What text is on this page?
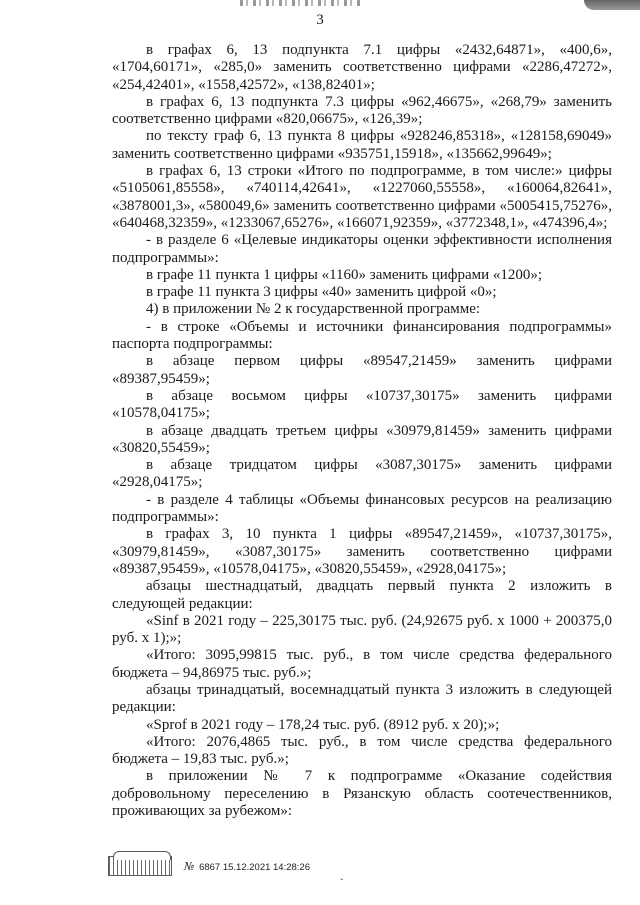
3

в графах 6, 13 подпункта 7.1 цифры «2432,64871», «400,6», «1704,60171», «285,0» заменить соответственно цифрами «2286,47272», «254,42401», «1558,42572», «138,82401»;

в графах 6, 13 подпункта 7.3 цифры «962,46675», «268,79» заменить соответственно цифрами «820,06675», «126,39»;

по тексту граф 6, 13 пункта 8 цифры «928246,85318», «128158,69049» заменить соответственно цифрами «935751,15918», «135662,99649»;

в графах 6, 13 строки «Итого по подпрограмме, в том числе:» цифры «5105061,85558», «740114,42641», «1227060,55558», «160064,82641», «3878001,3», «580049,6» заменить соответственно цифрами «5005415,75276», «640468,32359», «1233067,65276», «166071,92359», «3772348,1», «474396,4»;

- в разделе 6 «Целевые индикаторы оценки эффективности исполнения подпрограммы»:

в графе 11 пункта 1 цифры «1160» заменить цифрами «1200»;

в графе 11 пункта 3 цифры «40» заменить цифрой «0»;

4) в приложении № 2 к государственной программе:

- в строке «Объемы и источники финансирования подпрограммы» паспорта подпрограммы:

в абзаце первом цифры «89547,21459» заменить цифрами «89387,95459»;

в абзаце восьмом цифры «10737,30175» заменить цифрами «10578,04175»;

в абзаце двадцать третьем цифры «30979,81459» заменить цифрами «30820,55459»;

в абзаце тридцатом цифры «3087,30175» заменить цифрами «2928,04175»;

- в разделе 4 таблицы «Объемы финансовых ресурсов на реализацию подпрограммы»:

в графах 3, 10 пункта 1 цифры «89547,21459», «10737,30175», «30979,81459», «3087,30175» заменить соответственно цифрами «89387,95459», «10578,04175», «30820,55459», «2928,04175»;

абзацы шестнадцатый, двадцать первый пункта 2 изложить в следующей редакции:

«Sinf в 2021 году – 225,30175 тыс. руб. (24,92675 руб. x 1000 + 200375,0 руб. x 1);»;

«Итого: 3095,99815 тыс. руб., в том числе средства федерального бюджета – 94,86975 тыс. руб.»;

абзацы тринадцатый, восемнадцатый пункта 3 изложить в следующей редакции:

«Sprof в 2021 году – 178,24 тыс. руб. (8912 руб. x 20);»;

«Итого: 2076,4865 тыс. руб., в том числе средства федерального бюджета – 19,83 тыс. руб.»;

в приложении № 7 к подпрограмме «Оказание содействия добровольному переселению в Рязанскую область соотечественников, проживающих за рубежом»:

№ 6867 15.12.2021 14:28:26
ˇ
